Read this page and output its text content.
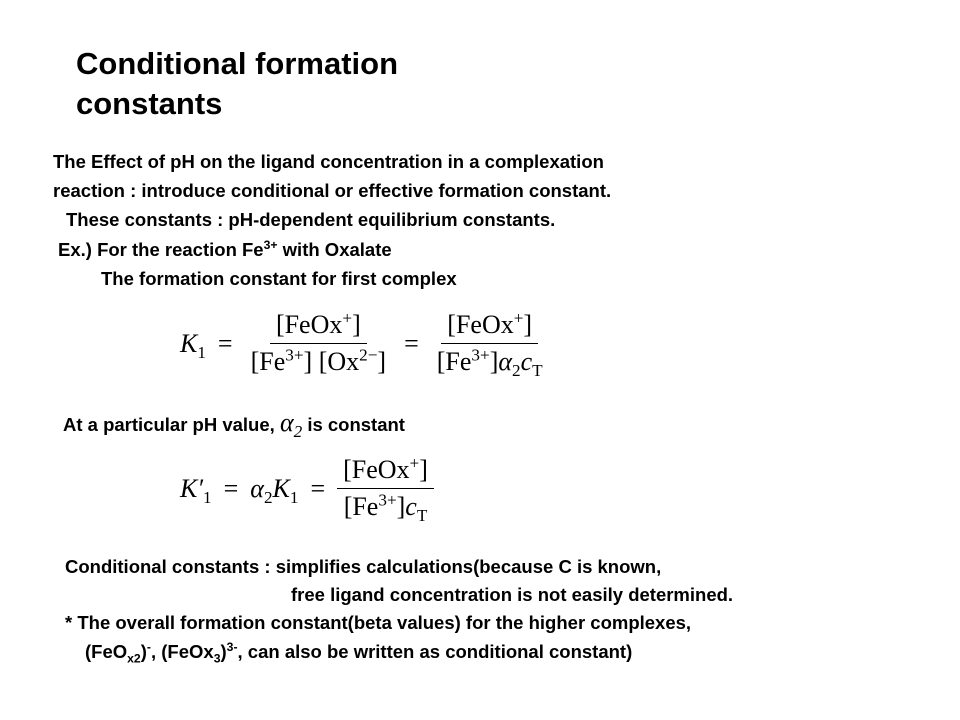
Conditional formation
constants
The Effect of pH on the ligand concentration in a complexation
reaction : introduce conditional or effective formation constant.
These constants : pH-dependent equilibrium constants.
Ex.) For the reaction $Fe^{3+}$ with Oxalate
The formation constant for first complex
$K_1 = \frac{[FeOx^+]}{[Fe^{3+}] [Ox^{2-}]} = \frac{[FeOx^+]}{[Fe^{3+}]\alpha_2c_T}$
At a particular pH value, $\alpha_2$ is constant
$K'_1 = \alpha_2K_1 = \frac{[FeOx^+]}{[Fe^{3+}]c_T}$
Conditional constants : simplifies calculations(because C is known,
free ligand concentration is not easily determined.
* The overall formation constant(beta values) for the higher complexes,
(FeO$_{x2}$)-, (FeOx$_3$)$^{3-}$, can also be written as conditional constant)
